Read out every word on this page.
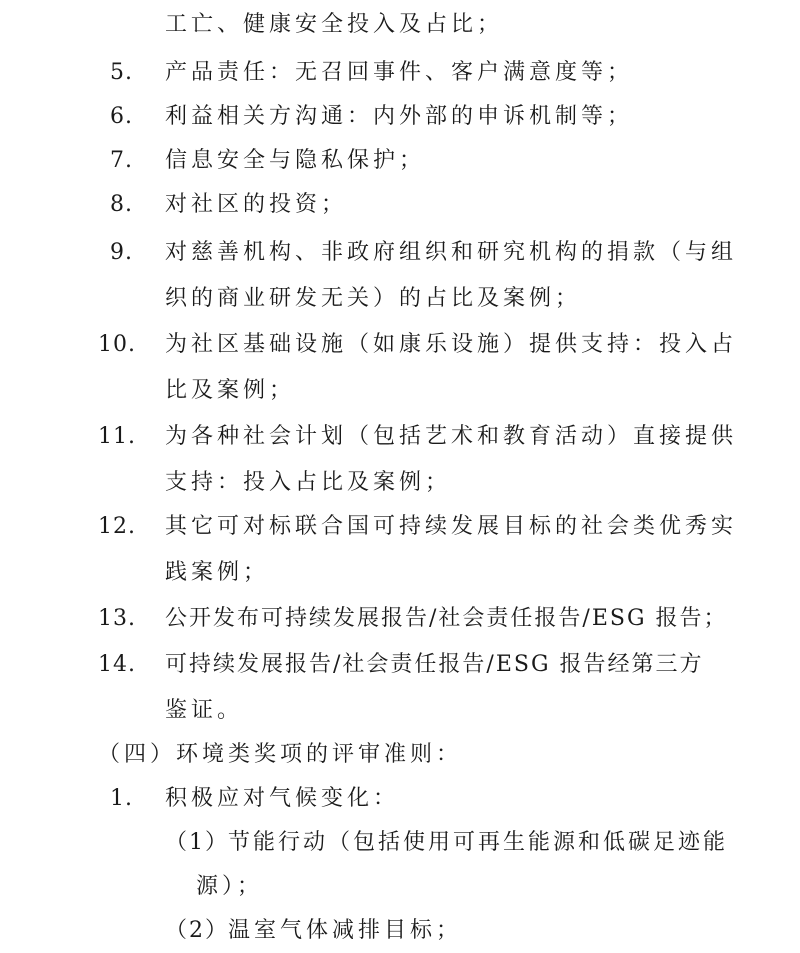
工亡、健康安全投入及占比；
5. 产品责任：无召回事件、客户满意度等；
6. 利益相关方沟通：内外部的申诉机制等；
7. 信息安全与隐私保护；
8. 对社区的投资；
9. 对慈善机构、非政府组织和研究机构的捐款（与组
织的商业研发无关）的占比及案例；
10. 为社区基础设施（如康乐设施）提供支持：投入占
比及案例；
11. 为各种社会计划（包括艺术和教育活动）直接提供
支持：投入占比及案例；
12. 其它可对标联合国可持续发展目标的社会类优秀实
践案例；
13. 公开发布可持续发展报告/社会责任报告/ESG 报告；
14. 可持续发展报告/社会责任报告/ESG 报告经第三方
鉴证。
（四）环境类奖项的评审准则：
1. 积极应对气候变化：
（1） 节能行动（包括使用可再生能源和低碳足迹能
源）；
（2） 温室气体减排目标；
